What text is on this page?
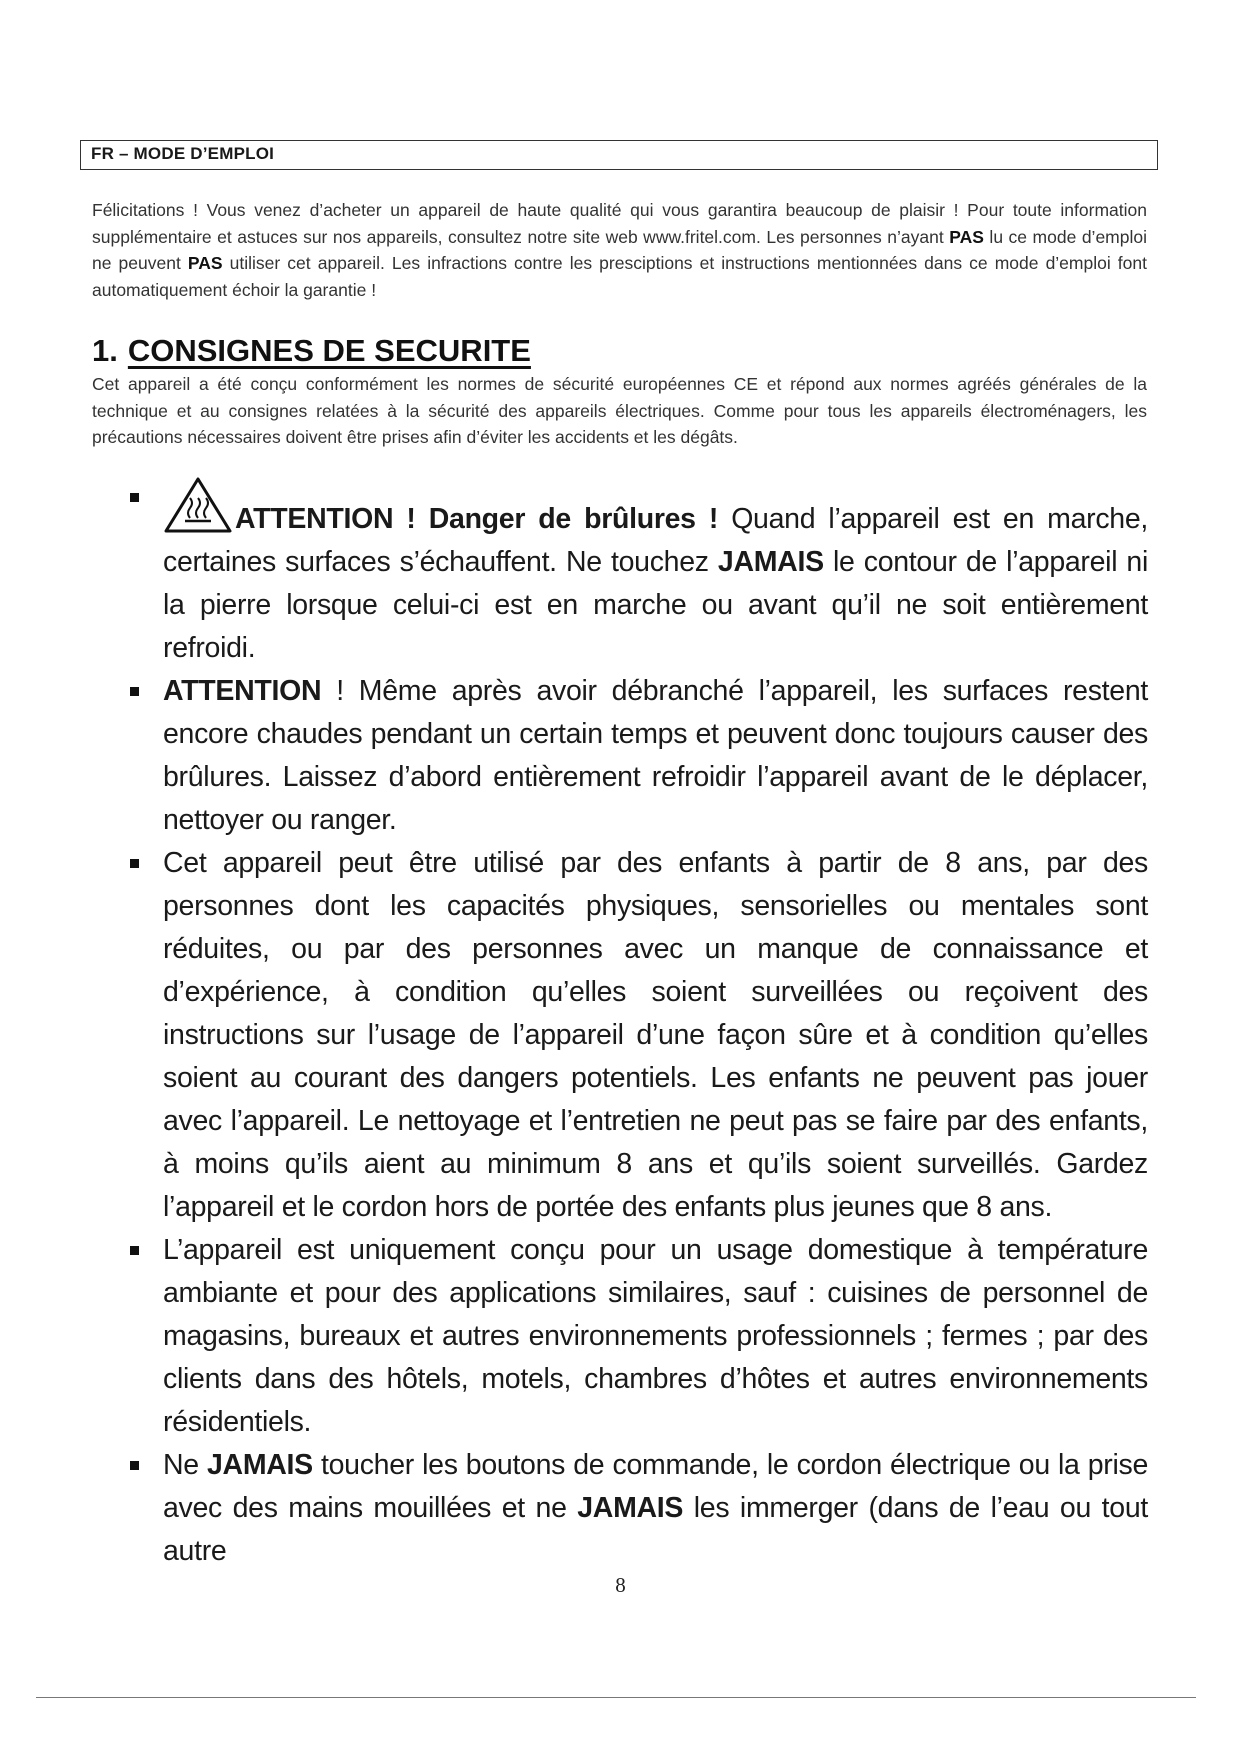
FR – MODE D’EMPLOI
Félicitations ! Vous venez d’acheter un appareil de haute qualité qui vous garantira beaucoup de plaisir ! Pour toute information supplémentaire et astuces sur nos appareils, consultez notre site web www.fritel.com. Les personnes n’ayant PAS lu ce mode d’emploi ne peuvent PAS utiliser cet appareil. Les infractions contre les presciptions et instructions mentionnées dans ce mode d’emploi font automatiquement échoir la garantie !
1. CONSIGNES DE SECURITE
Cet appareil a été conçu conformément les normes de sécurité européennes CE et répond aux normes agréés générales de la technique et au consignes relatées à la sécurité des appareils électriques. Comme pour tous les appareils électroménagers, les précautions nécessaires doivent être prises afin d’éviter les accidents et les dégâts.
ATTENTION ! Danger de brûlures ! Quand l’appareil est en marche, certaines surfaces s’échauffent. Ne touchez JAMAIS le contour de l’appareil ni la pierre lorsque celui-ci est en marche ou avant qu’il ne soit entièrement refroidi.
ATTENTION ! Même après avoir débranché l’appareil, les surfaces restent encore chaudes pendant un certain temps et peuvent donc toujours causer des brûlures. Laissez d’abord entièrement refroidir l’appareil avant de le déplacer, nettoyer ou ranger.
Cet appareil peut être utilisé par des enfants à partir de 8 ans, par des personnes dont les capacités physiques, sensorielles ou mentales sont réduites, ou par des personnes avec un manque de connaissance et d’expérience, à condition qu’elles soient surveillées ou reçoivent des instructions sur l’usage de l’appareil d’une façon sûre et à condition qu’elles soient au courant des dangers potentiels. Les enfants ne peuvent pas jouer avec l’appareil. Le nettoyage et l’entretien ne peut pas se faire par des enfants, à moins qu’ils aient au minimum 8 ans et qu’ils soient surveillés. Gardez l’appareil et le cordon hors de portée des enfants plus jeunes que 8 ans.
L’appareil est uniquement conçu pour un usage domestique à température ambiante et pour des applications similaires, sauf : cuisines de personnel de magasins, bureaux et autres environnements professionnels ; fermes ; par des clients dans des hôtels, motels, chambres d’hôtes et autres environnements résidentiels.
Ne JAMAIS toucher les boutons de commande, le cordon électrique ou la prise avec des mains mouillées et ne JAMAIS les immerger (dans de l’eau ou tout autre
8
